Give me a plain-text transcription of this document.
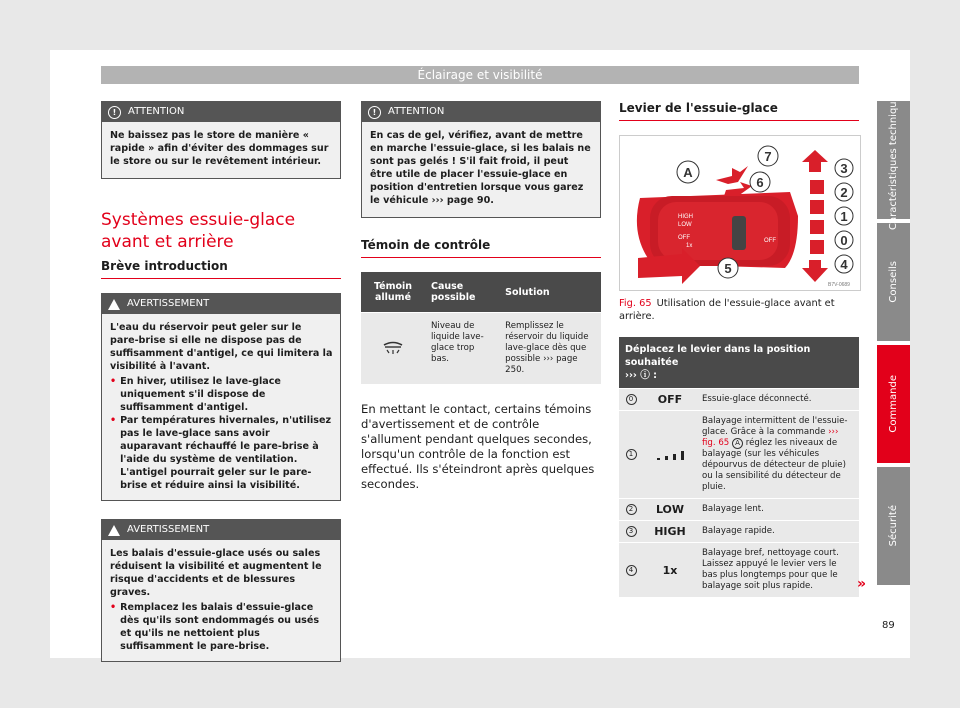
Éclairage et visibilité
!	ATTENTION

Ne baissez pas le store de manière « rapide » afin d'éviter des dommages sur le store ou sur le revêtement intérieur.

Systèmes essuie-glace avant et arrière
Brève introduction
AVERTISSEMENT

L'eau du réservoir peut geler sur le pare-brise si elle ne dispose pas de suffisamment d'antigel, ce qui limitera la visibilité à l'avant.

• En hiver, utilisez le lave-glace uniquement s'il dispose de suffisamment d'antigel.
• Par températures hivernales, n'utilisez pas le lave-glace sans avoir auparavant réchauffé le pare-brise à l'aide du système de ventilation. L'antigel pourrait geler sur le pare-brise et réduire ainsi la visibilité.
AVERTISSEMENT

Les balais d'essuie-glace usés ou sales réduisent la visibilité et augmentent le risque d'accidents et de blessures graves.

• Remplacez les balais d'essuie-glace dès qu'ils sont endommagés ou usés et qu'ils ne nettoient plus suffisamment le pare-brise.
!	ATTENTION

En cas de gel, vérifiez, avant de mettre en marche l'essuie-glace, si les balais ne sont pas gelés ! S'il fait froid, il peut être utile de placer l'essuie-glace en position d'entretien lorsque vous garez le véhicule ››› page 90.

Témoin de contrôle
Témoin allumé	Cause possible	Solution
	Niveau de liquide lave-glace trop bas.	Remplissez le réservoir du liquide lave-glace dès que possible ››› page 250.

En mettant le contact, certains témoins d'avertissement et de contrôle s'allument pendant quelques secondes, lorsqu'un contrôle de la fonction est effectué. Ils s'éteindront après quelques secondes.

Levier de l'essuie-glace
HIGH
LOW
OFF
1x
OFF
A
7
6
3
2
1
0
4
5
B7V-0689
Fig. 65 Utilisation de l'essuie-glace avant et arrière.
Déplacez le levier dans la position souhaitée
››› ⓘ :		
0	OFF	Essuie-glace déconnecté.
1		Balayage intermittent de l'essuie-glace. Grâce à la commande ››› fig. 65 A réglez les niveaux de balayage (sur les véhicules dépourvus de détecteur de pluie) ou la sensibilité du détecteur de pluie.
2	LOW	Balayage lent.
3	HIGH	Balayage rapide.
4	1x	Balayage bref, nettoyage court. Laissez appuyé le levier vers le bas plus longtemps pour que le balayage soit plus rapide.	»
Caractéristiques techniques
Conseils
Commande
Sécurité
89
